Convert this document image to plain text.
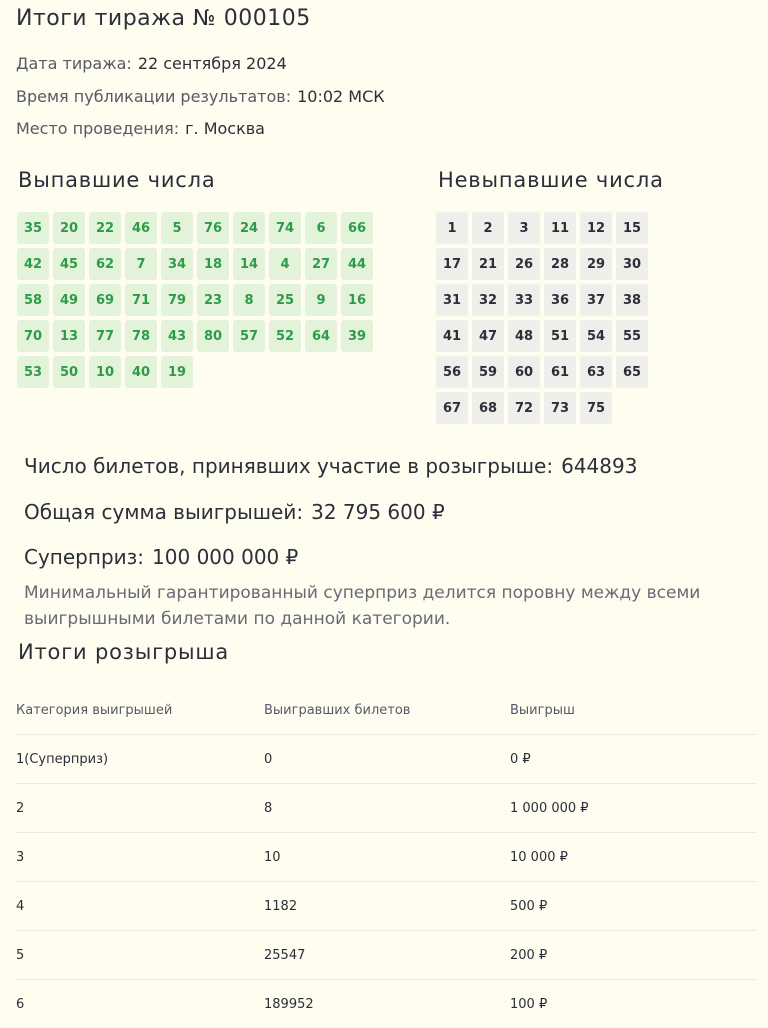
Итоги тиража № 000105
Дата тиража: 22 сентября 2024
Время публикации результатов: 10:02 МСК
Место проведения: г. Москва
Выпавшие числа	Невыпавшие числа
35	20	22	46	5	76	24	74	6	66
42	45	62	7	34	18	14	4	27	44
58	49	69	71	79	23	8	25	9	16
70	13	77	78	43	80	57	52	64	39
53	50	10	40	19
1	2	3	11	12	15
17	21	26	28	29	30
31	32	33	36	37	38
41	47	48	51	54	55
56	59	60	61	63	65
67	68	72	73	75
Число билетов, принявших участие в розыгрыше: 644893
Общая сумма выигрышей: 32 795 600 ₽
Суперприз: 100 000 000 ₽
Минимальный гарантированный суперприз делится поровну между всеми выигрышными билетами по данной категории.
Итоги розыгрыша
Категория выигрышей	Выигравших билетов	Выигрыш
1(Суперприз)	0	0 ₽
2	8	1 000 000 ₽
3	10	10 000 ₽
4	1182	500 ₽
5	25547	200 ₽
6	189952	100 ₽
